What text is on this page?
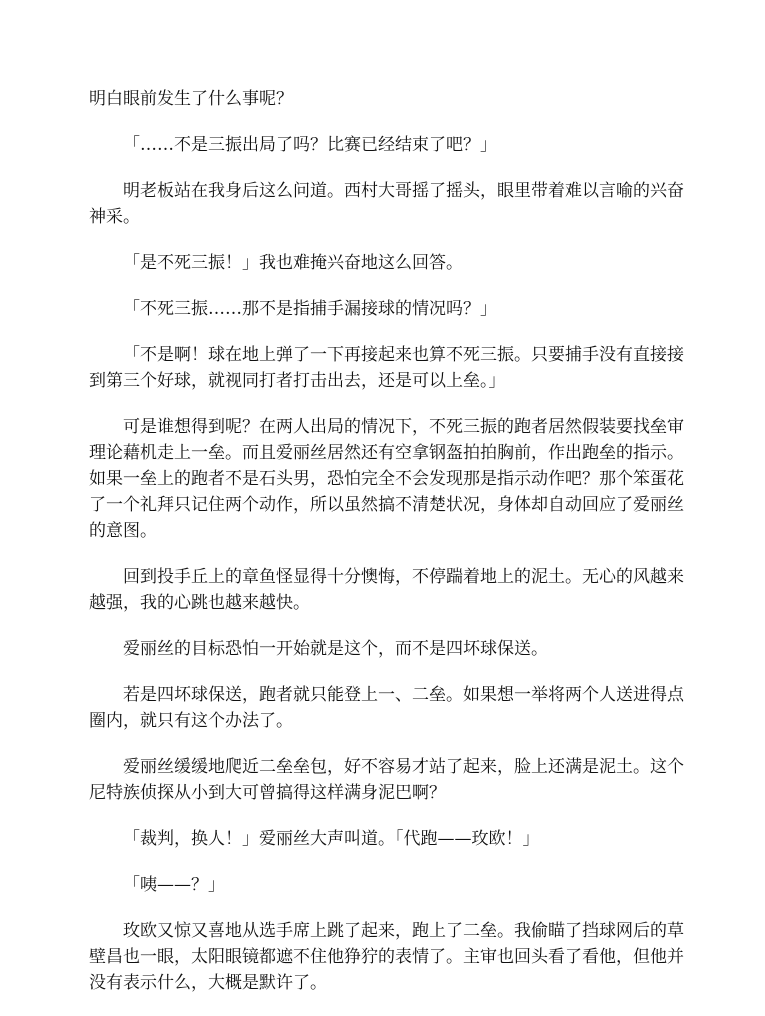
明白眼前发生了什么事呢？

「……不是三振出局了吗？比赛已经结束了吧？」

明老板站在我身后这么问道。西村大哥摇了摇头，眼里带着难以言喻的兴奋神采。

「是不死三振！」我也难掩兴奋地这么回答。

「不死三振……那不是指捕手漏接球的情况吗？」

「不是啊！球在地上弹了一下再接起来也算不死三振。只要捕手没有直接接到第三个好球，就视同打者打击出去，还是可以上垒。」

可是谁想得到呢？在两人出局的情况下，不死三振的跑者居然假装要找垒审理论藉机走上一垒。而且爱丽丝居然还有空拿钢盔拍拍胸前，作出跑垒的指示。如果一垒上的跑者不是石头男，恐怕完全不会发现那是指示动作吧？那个笨蛋花了一个礼拜只记住两个动作，所以虽然搞不清楚状况，身体却自动回应了爱丽丝的意图。

回到投手丘上的章鱼怪显得十分懊悔，不停踹着地上的泥土。无心的风越来越强，我的心跳也越来越快。

爱丽丝的目标恐怕一开始就是这个，而不是四坏球保送。

若是四坏球保送，跑者就只能登上一、二垒。如果想一举将两个人送进得点圈内，就只有这个办法了。

爱丽丝缓缓地爬近二垒垒包，好不容易才站了起来，脸上还满是泥土。这个尼特族侦探从小到大可曾搞得这样满身泥巴啊？

「裁判，换人！」爱丽丝大声叫道。「代跑——玫欧！」

「咦——？」

玫欧又惊又喜地从选手席上跳了起来，跑上了二垒。我偷瞄了挡球网后的草壁昌也一眼，太阳眼镜都遮不住他狰狞的表情了。主审也回头看了看他，但他并没有表示什么，大概是默许了。
